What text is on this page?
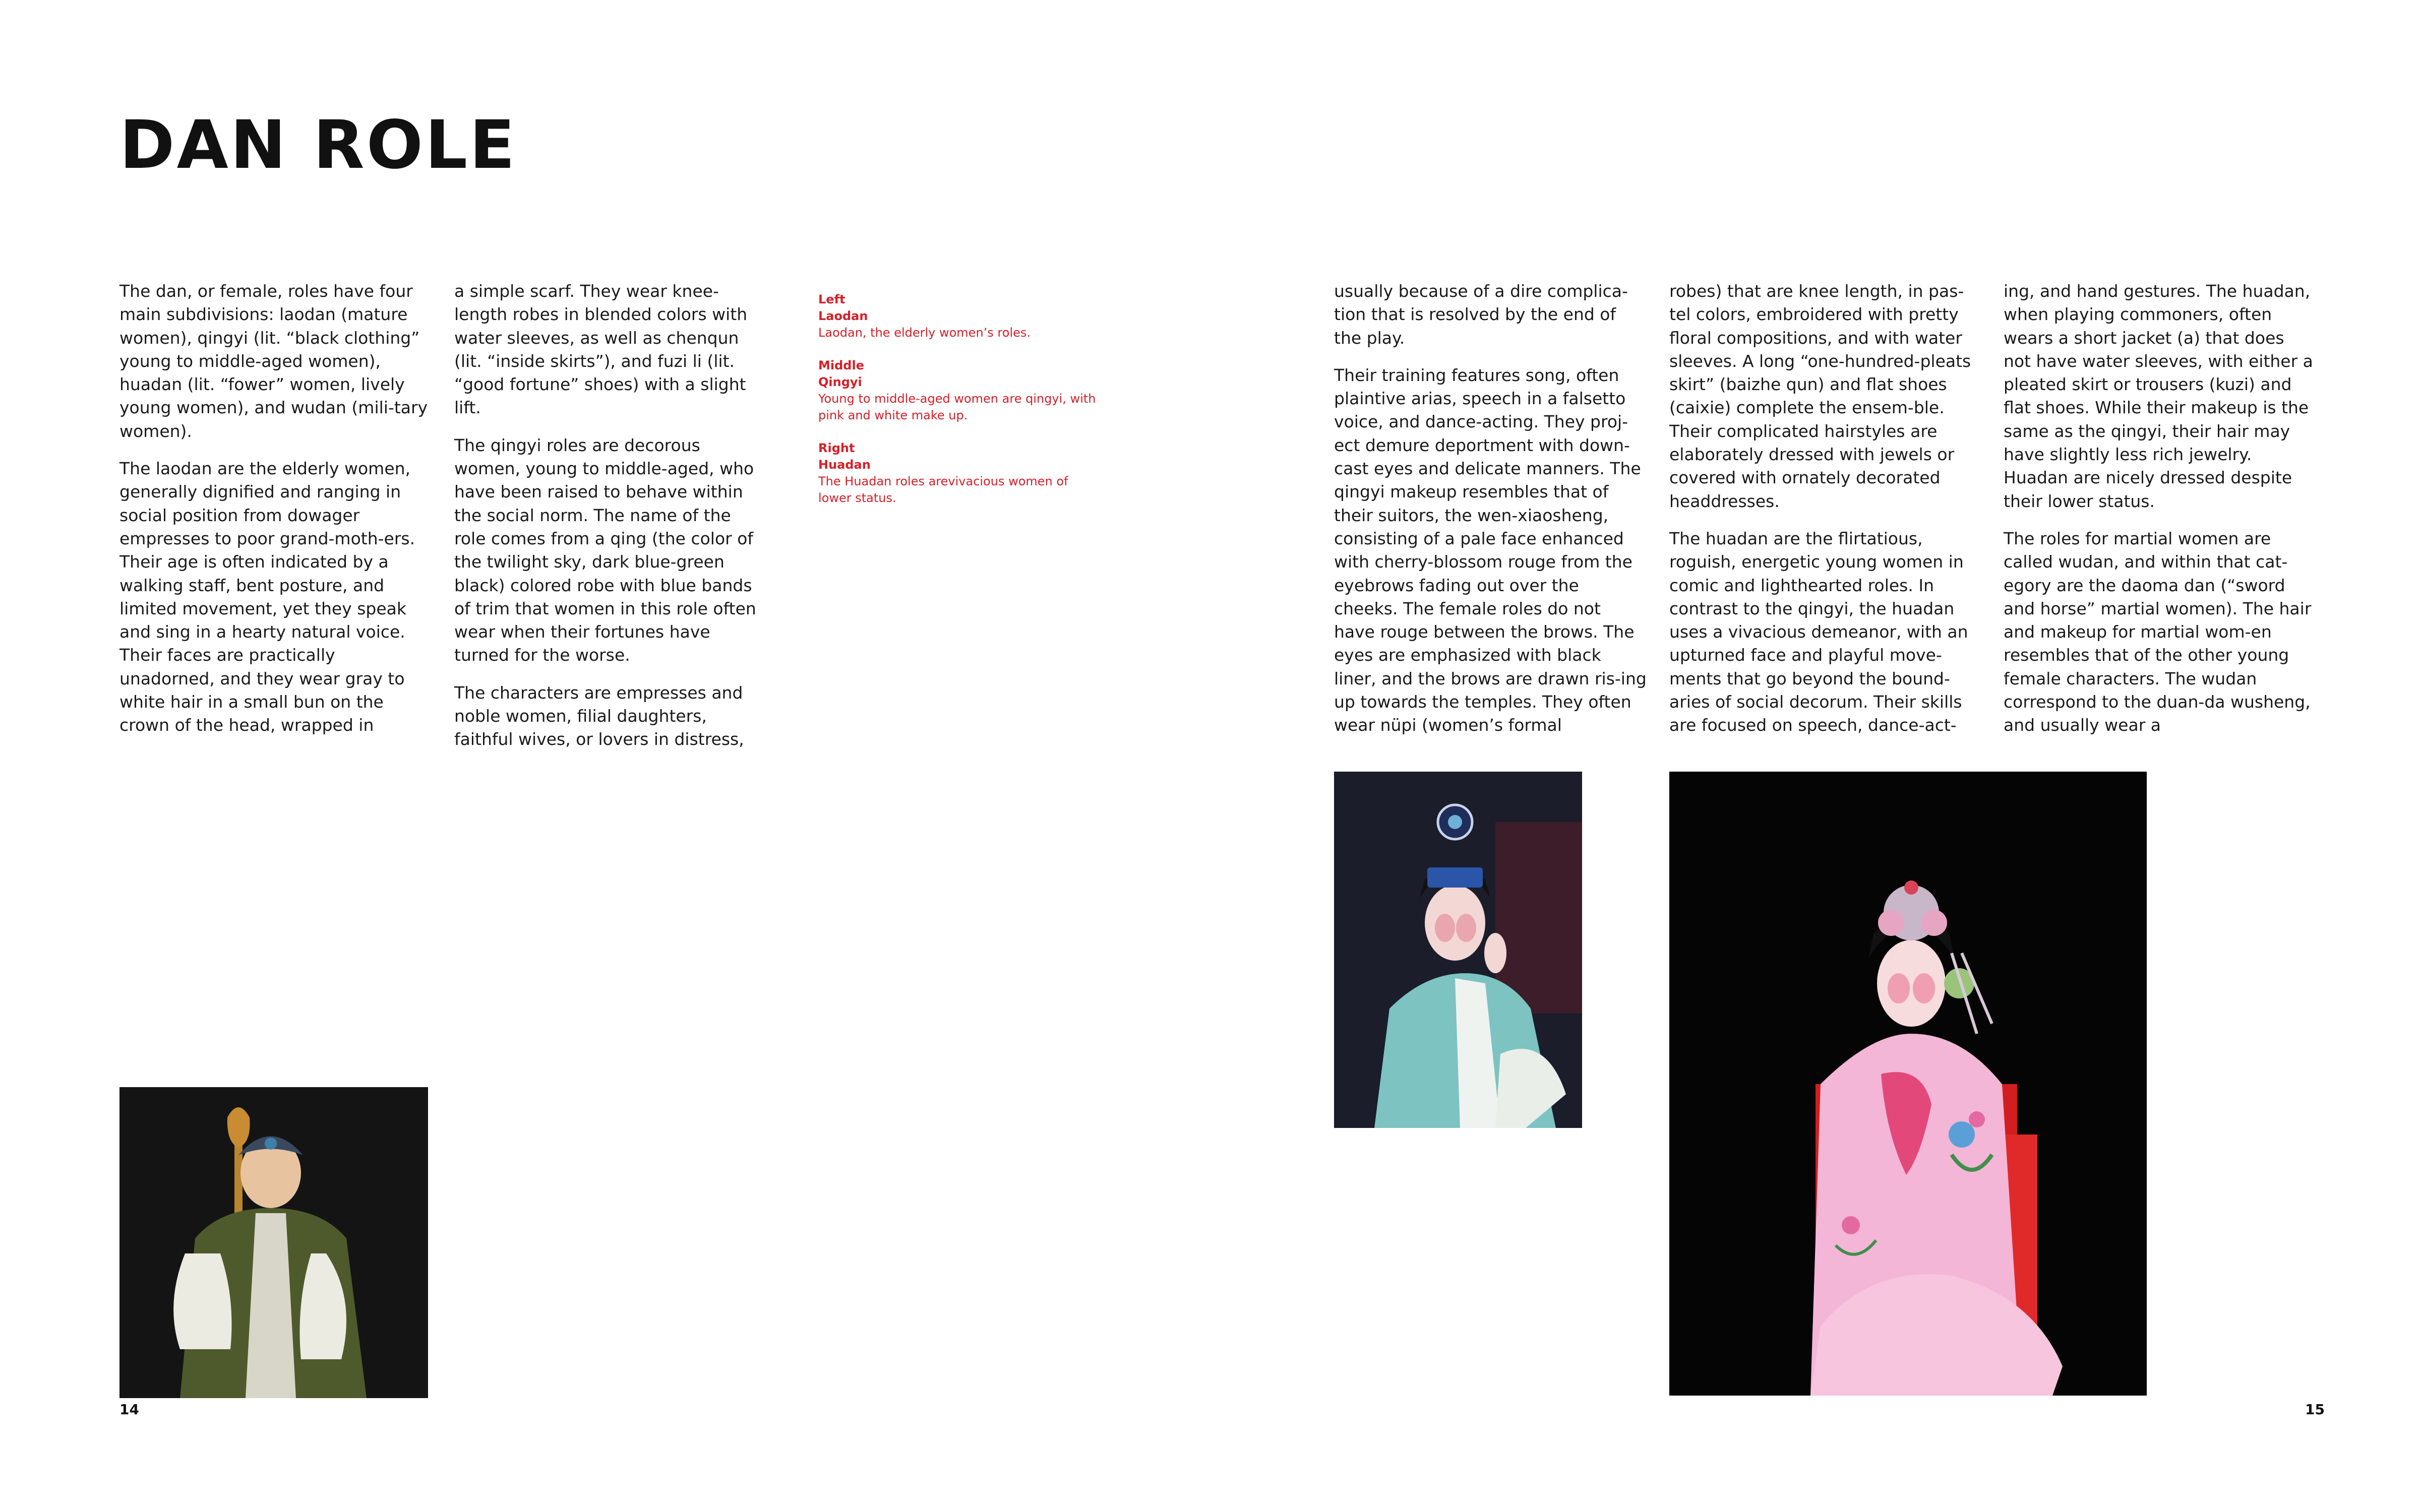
DAN ROLE

The dan, or female, roles have four main subdivisions: laodan (mature women), qingyi (lit. “black clothing” young to middle-aged women), huadan (lit. “fower” women, lively young women), and wudan (mili-tary women).

The laodan are the elderly women, generally dignified and ranging in social position from dowager empresses to poor grand-moth-ers. Their age is often indicated by a walking staff, bent posture, and limited movement, yet they speak and sing in a hearty natural voice. Their faces are practically unadorned, and they wear gray to white hair in a small bun on the crown of the head, wrapped in

a simple scarf. They wear knee-length robes in blended colors with water sleeves, as well as chenqun (lit. “inside skirts”), and fuzi li (lit. “good fortune” shoes) with a slight lift.

The qingyi roles are decorous women, young to middle-aged, who have been raised to behave within the social norm. The name of the role comes from a qing (the color of the twilight sky, dark blue-green black) colored robe with blue bands of trim that women in this role often wear when their fortunes have turned for the worse.

The characters are empresses and noble women, filial daughters, faithful wives, or lovers in distress,

Left
Laodan
Laodan, the elderly women’s roles.
Middle
Qingyi
Young to middle-aged women are qingyi, with pink and white make up.
Right
Huadan
The Huadan roles arevivacious women of lower status.
14

usually because of a dire complica-tion that is resolved by the end of the play.

Their training features song, often plaintive arias, speech in a falsetto voice, and dance-acting. They proj-ect demure deportment with down-cast eyes and delicate manners. The qingyi makeup resembles that of their suitors, the wen-xiaosheng, consisting of a pale face enhanced with cherry-blossom rouge from the eyebrows fading out over the cheeks. The female roles do not have rouge between the brows. The eyes are emphasized with black liner, and the brows are drawn ris-ing up towards the temples. They often wear nüpi (women’s formal

robes) that are knee length, in pas-tel colors, embroidered with pretty floral compositions, and with water sleeves. A long “one-hundred-pleats skirt” (baizhe qun) and flat shoes (caixie) complete the ensem-ble. Their complicated hairstyles are elaborately dressed with jewels or covered with ornately decorated headdresses.

The huadan are the flirtatious, roguish, energetic young women in comic and lighthearted roles. In contrast to the qingyi, the huadan uses a vivacious demeanor, with an upturned face and playful move-ments that go beyond the bound-aries of social decorum. Their skills are focused on speech, dance-act-

ing, and hand gestures. The huadan, when playing commoners, often wears a short jacket (a) that does not have water sleeves, with either a pleated skirt or trousers (kuzi) and flat shoes. While their makeup is the same as the qingyi, their hair may have slightly less rich jewelry. Huadan are nicely dressed despite their lower status.

The roles for martial women are called wudan, and within that cat-egory are the daoma dan (“sword and horse” martial women). The hair and makeup for martial wom-en resembles that of the other young female characters. The wudan correspond to the duan-da wusheng, and usually wear a

15
